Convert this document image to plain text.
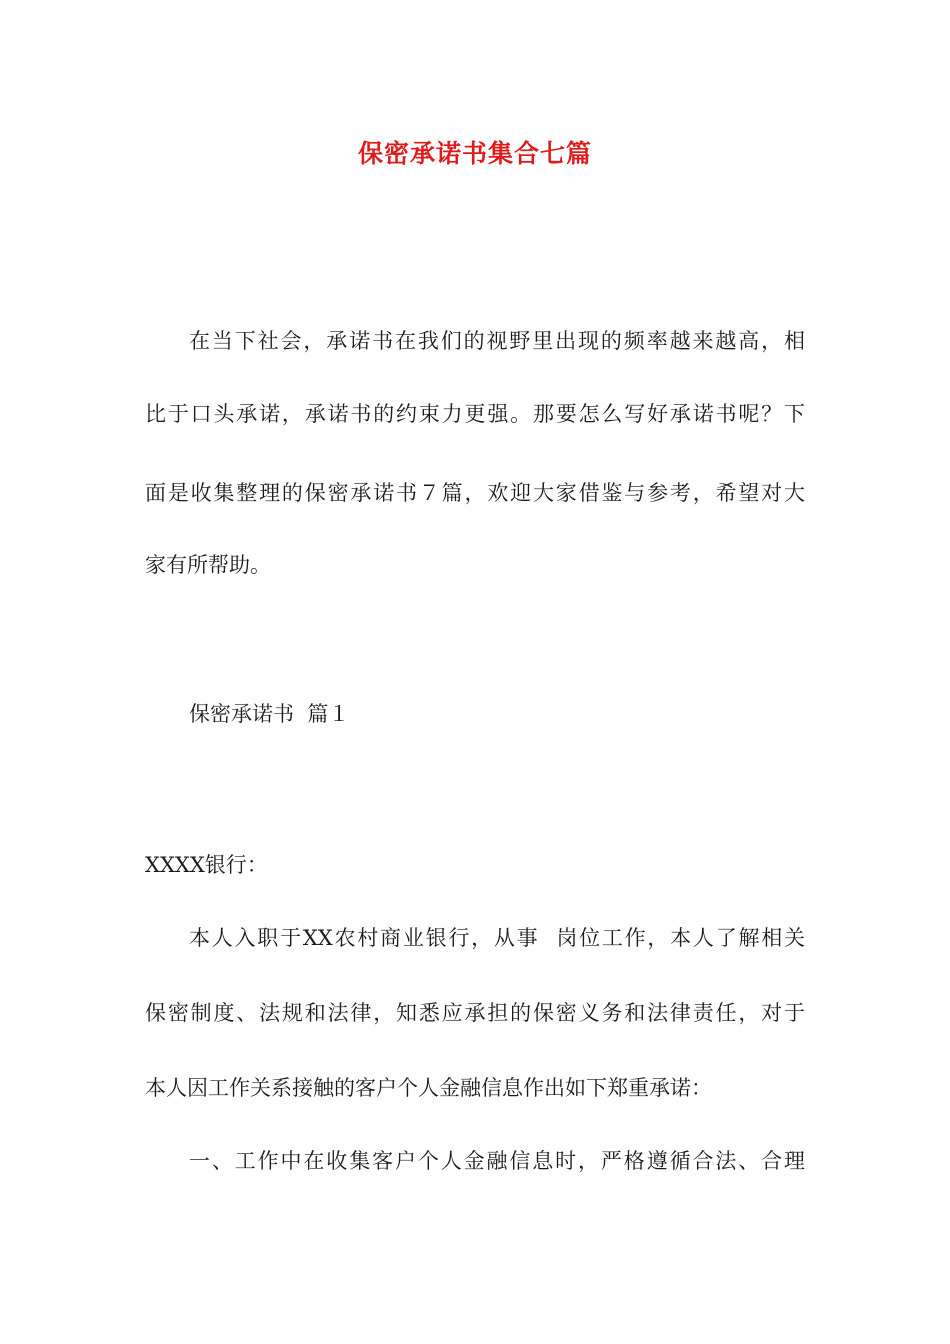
保密承诺书集合七篇
在当下社会，承诺书在我们的视野里出现的频率越来越高，相
比于口头承诺，承诺书的约束力更强。那要怎么写好承诺书呢？下
面是收集整理的保密承诺书７篇，欢迎大家借鉴与参考，希望对大
家有所帮助。
保密承诺书  篇１
XXXX银行：
本人入职于XX农村商业银行，从事  岗位工作，本人了解相关
保密制度、法规和法律，知悉应承担的保密义务和法律责任，对于
本人因工作关系接触的客户个人金融信息作出如下郑重承诺：
一、工作中在收集客户个人金融信息时，严格遵循合法、合理
